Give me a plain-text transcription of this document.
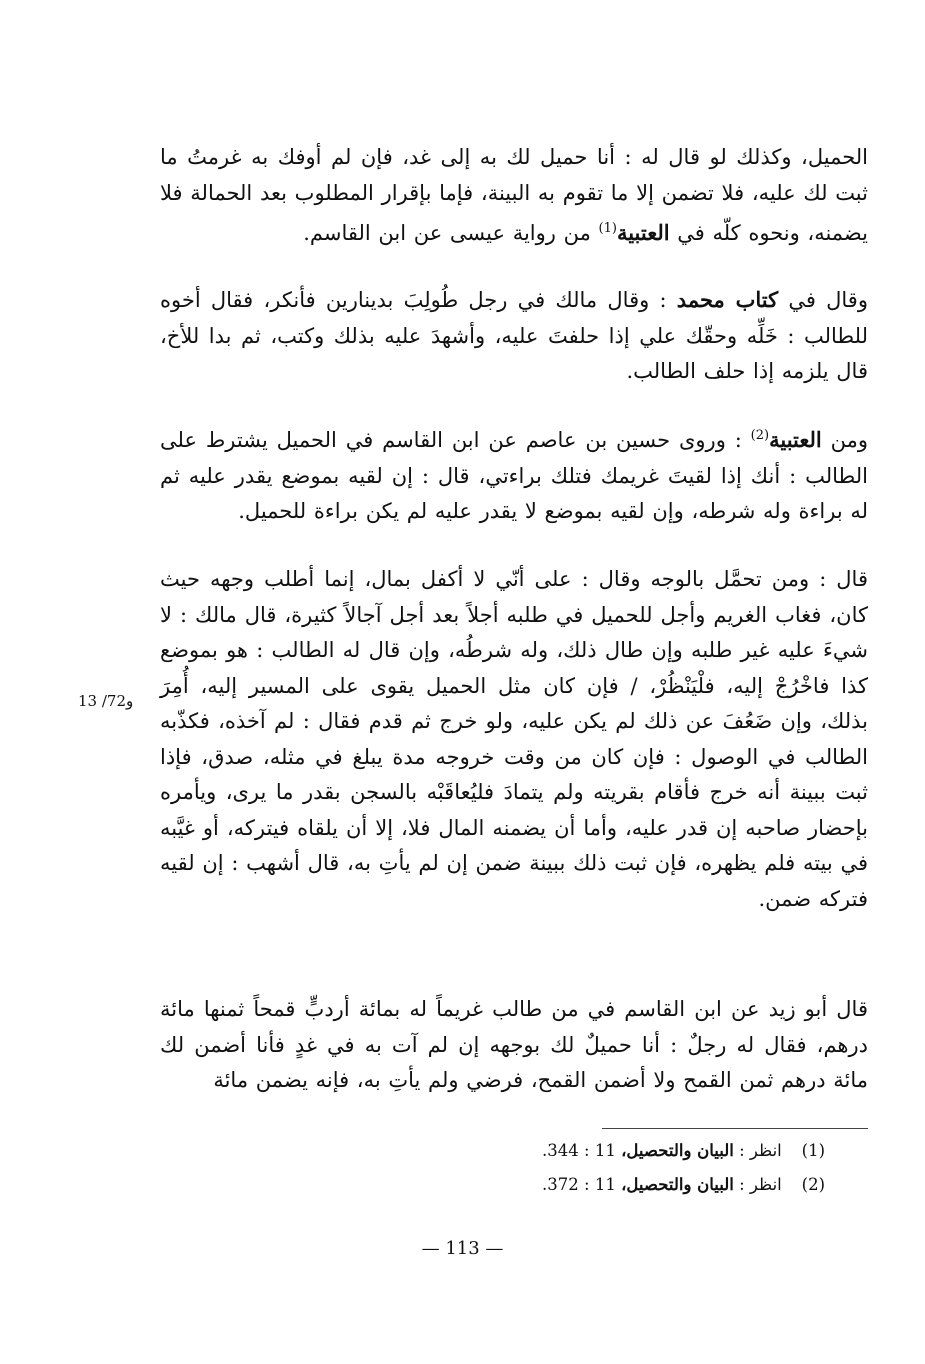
الحميل، وكذلك لو قال له : أنا حميل لك به إلى غد، فإن لم أوفك به غرمتُ ما ثبت لك عليه، فلا تضمن إلا ما تقوم به البينة، فإما بإقرار المطلوب بعد الحمالة فلا يضمنه، ونحوه كلّه في العتبية$^{(1)}$ من رواية عيسى عن ابن القاسم.

وقال في كتاب محمد : وقال مالك في رجل طُولِبَ بدينارين فأنكر، فقال أخوه للطالب : خَلِّه وحقّك علي إذا حلفتَ عليه، وأشهدَ عليه بذلك وكتب، ثم بدا للأخ، قال يلزمه إذا حلف الطالب.

ومن العتبية$^{(2)}$ : وروى حسين بن عاصم عن ابن القاسم في الحميل يشترط على الطالب : أنك إذا لقيتَ غريمك فتلك براءتي، قال : إن لقيه بموضع يقدر عليه ثم له براءة وله شرطه، وإن لقيه بموضع لا يقدر عليه لم يكن براءة للحميل.

قال : ومن تحمَّل بالوجه وقال : على أنّي لا أكفل بمال، إنما أطلب وجهه حيث كان، فغاب الغريم وأجل للحميل في طلبه أجلاً بعد أجل آجالاً كثيرة، قال مالك : لا شيءَ عليه غير طلبه وإن طال ذلك، وله شرطُه، وإن قال له الطالب : هو بموضع كذا فاخْرُجْ إليه، فلْيَنْظُرْ، / فإن كان مثل الحميل يقوى على المسير إليه، أُمِرَ بذلك، وإن ضَعُفَ عن ذلك لم يكن عليه، ولو خرج ثم قدم فقال : لم آخذه، فكذّبه الطالب في الوصول : فإن كان من وقت خروجه مدة يبلغ في مثله، صدق، فإذا ثبت ببينة أنه خرج فأقام بقريته ولم يتمادَ فليُعاقَبْه بالسجن بقدر ما يرى، ويأمره بإحضار صاحبه إن قدر عليه، وأما أن يضمنه المال فلا، إلا أن يلقاه فيتركه، أو غيَّبه في بيته فلم يظهره، فإن ثبت ذلك ببينة ضمن إن لم يأتِ به، قال أشهب : إن لقيه فتركه ضمن.

قال أبو زيد عن ابن القاسم في من طالب غريماً له بمائة أردبٍّ قمحاً ثمنها مائة درهم، فقال له رجلٌ : أنا حميلٌ لك بوجهه إن لم آت به في غدٍ فأنا أضمن لك مائة درهم ثمن القمح ولا أضمن القمح، فرضي ولم يأتِ به، فإنه يضمن مائة

13 /72و
(1) انظر : البيان والتحصيل، 11 : 344.
(2) انظر : البيان والتحصيل، 11 : 372.
— 113 —
